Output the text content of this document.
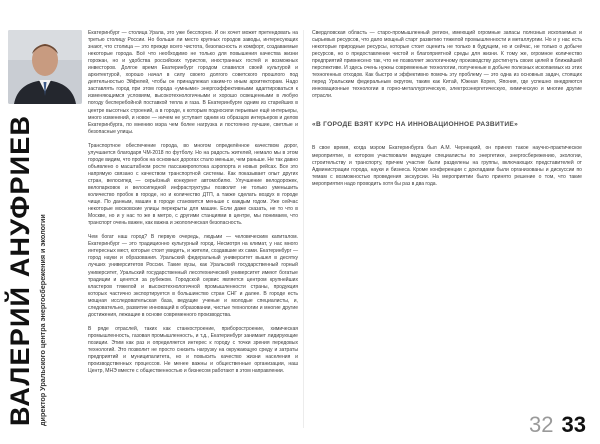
ВАЛЕРИЙ АНУФРИЕВ директор Уральского центра энергосбережения и экологии

Екатеринбург — столица Урала, это уже бесспорно. И он хочет может претендовать на третью столицу России. Но больше ли место крупных городов заводы, интересующих знают, что столица — это прежде всего чистота, безопасность и комфорт, создаваемые некоторые города. Всё что необходимо не только для повышения качества жизни горожан, но и удобства российских туристов, иностранных гостей и возможных инвесторов. Долгое время Екатеринбург городом славился своей культурой и архитектурой, хорошо начал в силу своего долгого советского прошлого под деятельностью Эйфелей, чтобы он принадлежал каким-то иным архитекторам. Надо заставлять город при этом города «умными» энергоэффективными адаптироваться к изменяющимся условиям, высокотехнологичными и хорошо освещенными в любую погоду бесперебойной поставкой тепла и газа. В Екатеринбурге одним из старейших в центре высотных строений, а в городе, к которым подносили перьевые ещё интерьеры, много изменений, и новое — ничем не уступает одним из образцов интерьеров и делов Екатеринбурга, по мнению мэра чем более нагрузка и постоянно лучшие, светлые и безопасные улицы.

Транспортное обеспечение города, во многом определённое качеством дорог, улучшается благодаря ЧМ-2018 по футболу. Но на радость жителей, немало мы в этом городе видим, что пробок на основных дорогах стало меньше, чем раньше. Не так давно объявлено о масштабном росте пассажиропотока аэропорта и новых рейсах. Все это напрямую связано с качеством транспортной системы. Как показывает опыт других стран, велосипед — серьёзный конкурент автомобилю. Улучшение велодорожек, велопарковок и велосипедной инфраструктуры позволит не только уменьшить количество пробок в городе, но и количество ДТП, а также сделать воздух в городе чище. По данным, машин в городе становится меньше с каждым годом. Уже сейчас некоторые московские улицы перекрыты для машин. Если даже сказать, не то что в Москве, но и у нас то же в метро, с другими станциями в центре, мы понимаем, что транспорт очень важен, как важна и экологическая безопасность.

Чем богат наш город? В первую очередь, людьми — человеческим капиталом. Екатеринбург — это традиционно культурный город. Несмотря на климат, у нас много интересных мест, которые стоит увидеть, и жители, создавшие их сами. Екатеринбург — город науки и образования. Уральский федеральный университет вышел в десятку лучших университетов России. Такие вузы, как Уральский государственный горный университет, Уральский государственный лесотехнический университет имеют богатые традиции и ценятся за рубежом. Городской сервис является центром крупнейших кластеров тяжелой и высокотехнологичной промышленности страны, продукция которых частично экспортируется в большинство стран СНГ и далее. В городе есть мощная исследовательская база, ведущие ученые и молодые специалисты, и, следовательно, развитие инноваций в образовании, чистые технологии и многие другие достижения, лежащие в основе современного производства.

В ряде отраслей, таких как станкостроение, приборостроение, химическая промышленность, газовая промышленность, и т.д., Екатеринбург занимает лидирующие позиции. Этим как раз и определяется интерес к городу с точки зрения передовых технологий. Это позволит не просто снизить нагрузку на окружающую среду и затраты предприятий и муниципалитета, но и повысить качество жизни населения и производственных процессов. Не менее важны и общественные организации, наш Центр, МНЭ вместе с общественностью и бизнесом работают в этом направлении.

Свердловская область — старо-промышленный регион, имеющий огромные запасы полезных ископаемых и сырьевых ресурсов, что дало мощный старт развитию тяжелой промышленности и металлургии. Но и у нас есть некоторые природные ресурсы, которые стоит оценить не только в будущем, но и сейчас, не только о добыче ресурсов, но о предоставлении чистой и благоприятной среды для жизни. К тому же, огромное количество предприятий привнесено так, что не позволяет экологичному производству достигнуть своих целей в ближайшей перспективе. И здесь очень нужны современные технологии, полученные в добыче полезных ископаемых из этих техногенных отходов. Как быстро и эффективно помочь эту проблему — это одна из основных задач, стоящих перед Уральским федеральным округом, таким как Китай, Южная Корея, Япония, где успешно внедряются инновационные технологии в горно-металлургическую, электроэнергетическую, химическую и многие другие отрасли.

«В ГОРОДЕ ВЗЯТ КУРС НА ИННОВАЦИОННОЕ РАЗВИТИЕ»

В свое время, когда мэром Екатеринбурга был А.М. Чернецкий, он принял такое научно-практическое мероприятие, в котором участвовали ведущие специалисты по энергетике, энергосбережению, экологии, строительству и транспорту, причем участие были разделены на группы, включающих представителей от Администрации города, науки и бизнеса. Кроме конференции с докладами были организованы и дискуссии по темам с возможностью проведения экскурсии. На мероприятии было принято решение о том, что такие мероприятия надо проводить хотя бы раз в два года.

32 33
